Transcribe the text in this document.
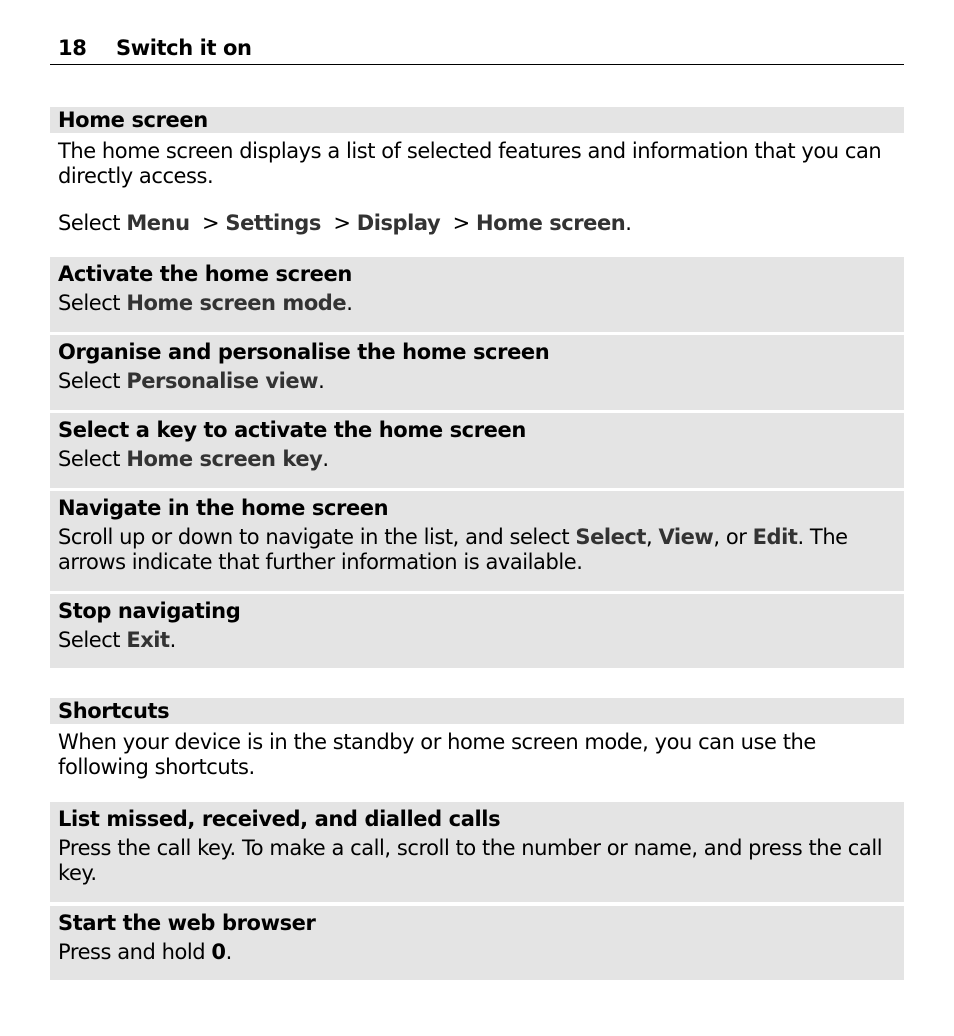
18 Switch it on
Home screen

The home screen displays a list of selected features and information that you can directly access.

Select Menu  > Settings  > Display  > Home screen.

Activate the home screen

Select Home screen mode.

Organise and personalise the home screen

Select Personalise view.

Select a key to activate the home screen

Select Home screen key.

Navigate in the home screen

Scroll up or down to navigate in the list, and select Select, View, or Edit. The arrows indicate that further information is available.

Stop navigating

Select Exit.

Shortcuts

When your device is in the standby or home screen mode, you can use the following shortcuts.

List missed, received, and dialled calls

Press the call key. To make a call, scroll to the number or name, and press the call key.

Start the web browser

Press and hold 0.
